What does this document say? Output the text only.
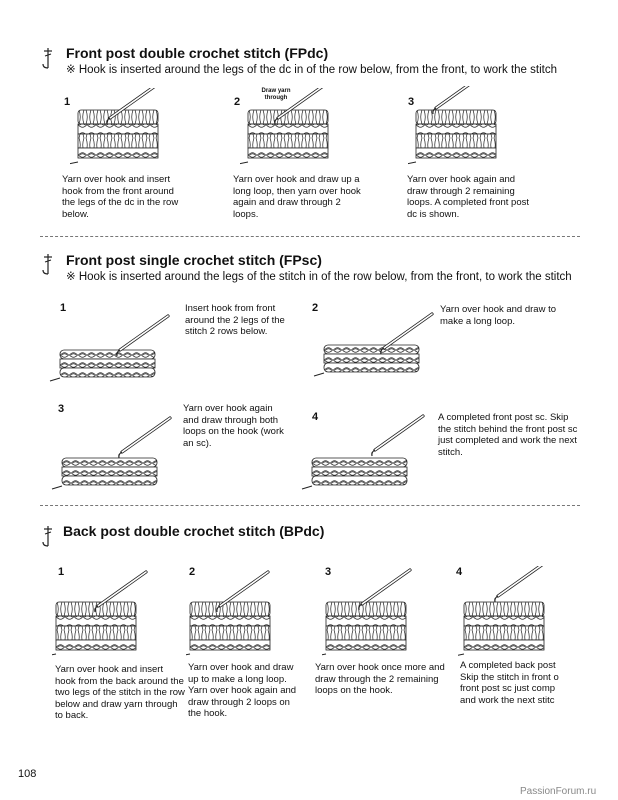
Front post double crochet stitch (FPdc)
※ Hook is inserted around the legs of the dc in of the row below, from the front, to work the stitch
1
Yarn over hook and insert hook from the front around the legs of the dc in the row below.
2
Draw yarn through
Yarn over hook and draw up a long loop, then yarn over hook again and draw through 2 loops.
3
Yarn over hook again and draw through 2 remaining loops. A completed front post dc is shown.
Front post single crochet stitch (FPsc)
※ Hook is inserted around the legs of the stitch in of the row below, from the front, to work the stitch
1	Insert hook from front around the 2 legs of the stitch 2 rows below.
2	Yarn over hook and draw to make a long loop.
3	Yarn over hook again and draw through both loops on the hook (work an sc).
4	A completed front post sc. Skip the stitch behind the front post sc just completed and work the next stitch.
Back post double crochet stitch (BPdc)
1
Yarn over hook and insert hook from the back around the two legs of the stitch in the row below and draw yarn through to back.
2
Yarn over hook and draw up to make a long loop. Yarn over hook again and draw through 2 loops on the hook.
3
Yarn over hook once more and draw through the 2 remaining loops on the hook.
4
A completed back post Skip the stitch in front o front post sc just comp and work the next stitc
108
PassionForum.ru
